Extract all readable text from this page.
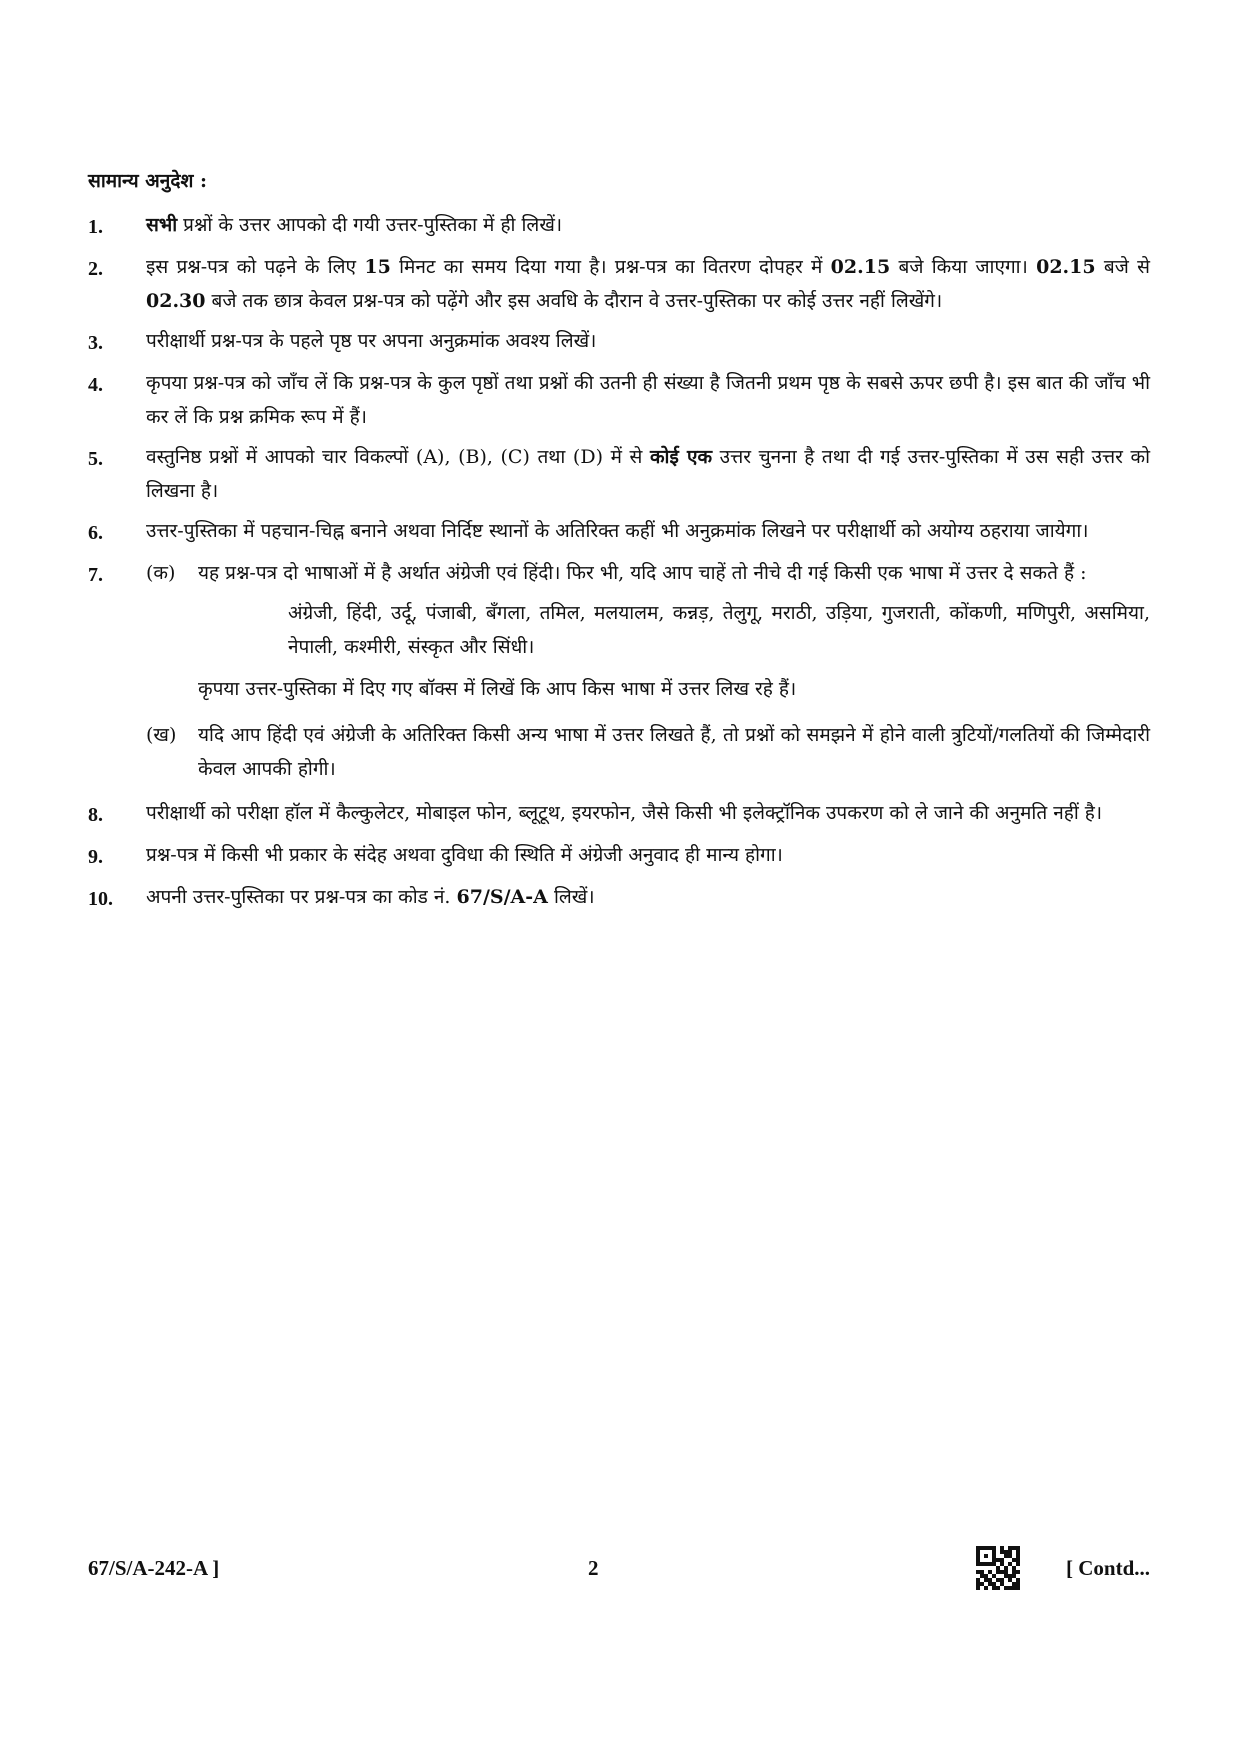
सामान्य अनुदेश :
1.	सभी प्रश्नों के उत्तर आपको दी गयी उत्तर-पुस्तिका में ही लिखें।
2.	इस प्रश्न-पत्र को पढ़ने के लिए 15 मिनट का समय दिया गया है। प्रश्न-पत्र का वितरण दोपहर में 02.15 बजे किया जाएगा। 02.15 बजे से 02.30 बजे तक छात्र केवल प्रश्न-पत्र को पढ़ेंगे और इस अवधि के दौरान वे उत्तर-पुस्तिका पर कोई उत्तर नहीं लिखेंगे।
3.	परीक्षार्थी प्रश्न-पत्र के पहले पृष्ठ पर अपना अनुक्रमांक अवश्य लिखें।
4.	कृपया प्रश्न-पत्र को जाँच लें कि प्रश्न-पत्र के कुल पृष्ठों तथा प्रश्नों की उतनी ही संख्या है जितनी प्रथम पृष्ठ के सबसे ऊपर छपी है। इस बात की जाँच भी कर लें कि प्रश्न क्रमिक रूप में हैं।
5.	वस्तुनिष्ठ प्रश्नों में आपको चार विकल्पों (A), (B), (C) तथा (D) में से कोई एक उत्तर चुनना है तथा दी गई उत्तर-पुस्तिका में उस सही उत्तर को लिखना है।
6.	उत्तर-पुस्तिका में पहचान-चिह्न बनाने अथवा निर्दिष्ट स्थानों के अतिरिक्त कहीं भी अनुक्रमांक लिखने पर परीक्षार्थी को अयोग्य ठहराया जायेगा।
7.	(क)	यह प्रश्न-पत्र दो भाषाओं में है अर्थात अंग्रेजी एवं हिंदी। फिर भी, यदि आप चाहें तो नीचे दी गई किसी एक भाषा में उत्तर दे सकते हैं :
अंग्रेजी, हिंदी, उर्दू, पंजाबी, बँगला, तमिल, मलयालम, कन्नड़, तेलुगू, मराठी, उड़िया, गुजराती, कोंकणी, मणिपुरी, असमिया, नेपाली, कश्मीरी, संस्कृत और सिंधी।
कृपया उत्तर-पुस्तिका में दिए गए बॉक्स में लिखें कि आप किस भाषा में उत्तर लिख रहे हैं।
(ख)	यदि आप हिंदी एवं अंग्रेजी के अतिरिक्त किसी अन्य भाषा में उत्तर लिखते हैं, तो प्रश्नों को समझने में होने वाली त्रुटियों/गलतियों की जिम्मेदारी केवल आपकी होगी।
8.	परीक्षार्थी को परीक्षा हॉल में कैल्कुलेटर, मोबाइल फोन, ब्लूटूथ, इयरफोन, जैसे किसी भी इलेक्ट्रॉनिक उपकरण को ले जाने की अनुमति नहीं है।
9.	प्रश्न-पत्र में किसी भी प्रकार के संदेह अथवा दुविधा की स्थिति में अंग्रेजी अनुवाद ही मान्य होगा।
10.	अपनी उत्तर-पुस्तिका पर प्रश्न-पत्र का कोड नं. 67/S/A-A लिखें।
67/S/A-242-A ]	2	[ Contd...
